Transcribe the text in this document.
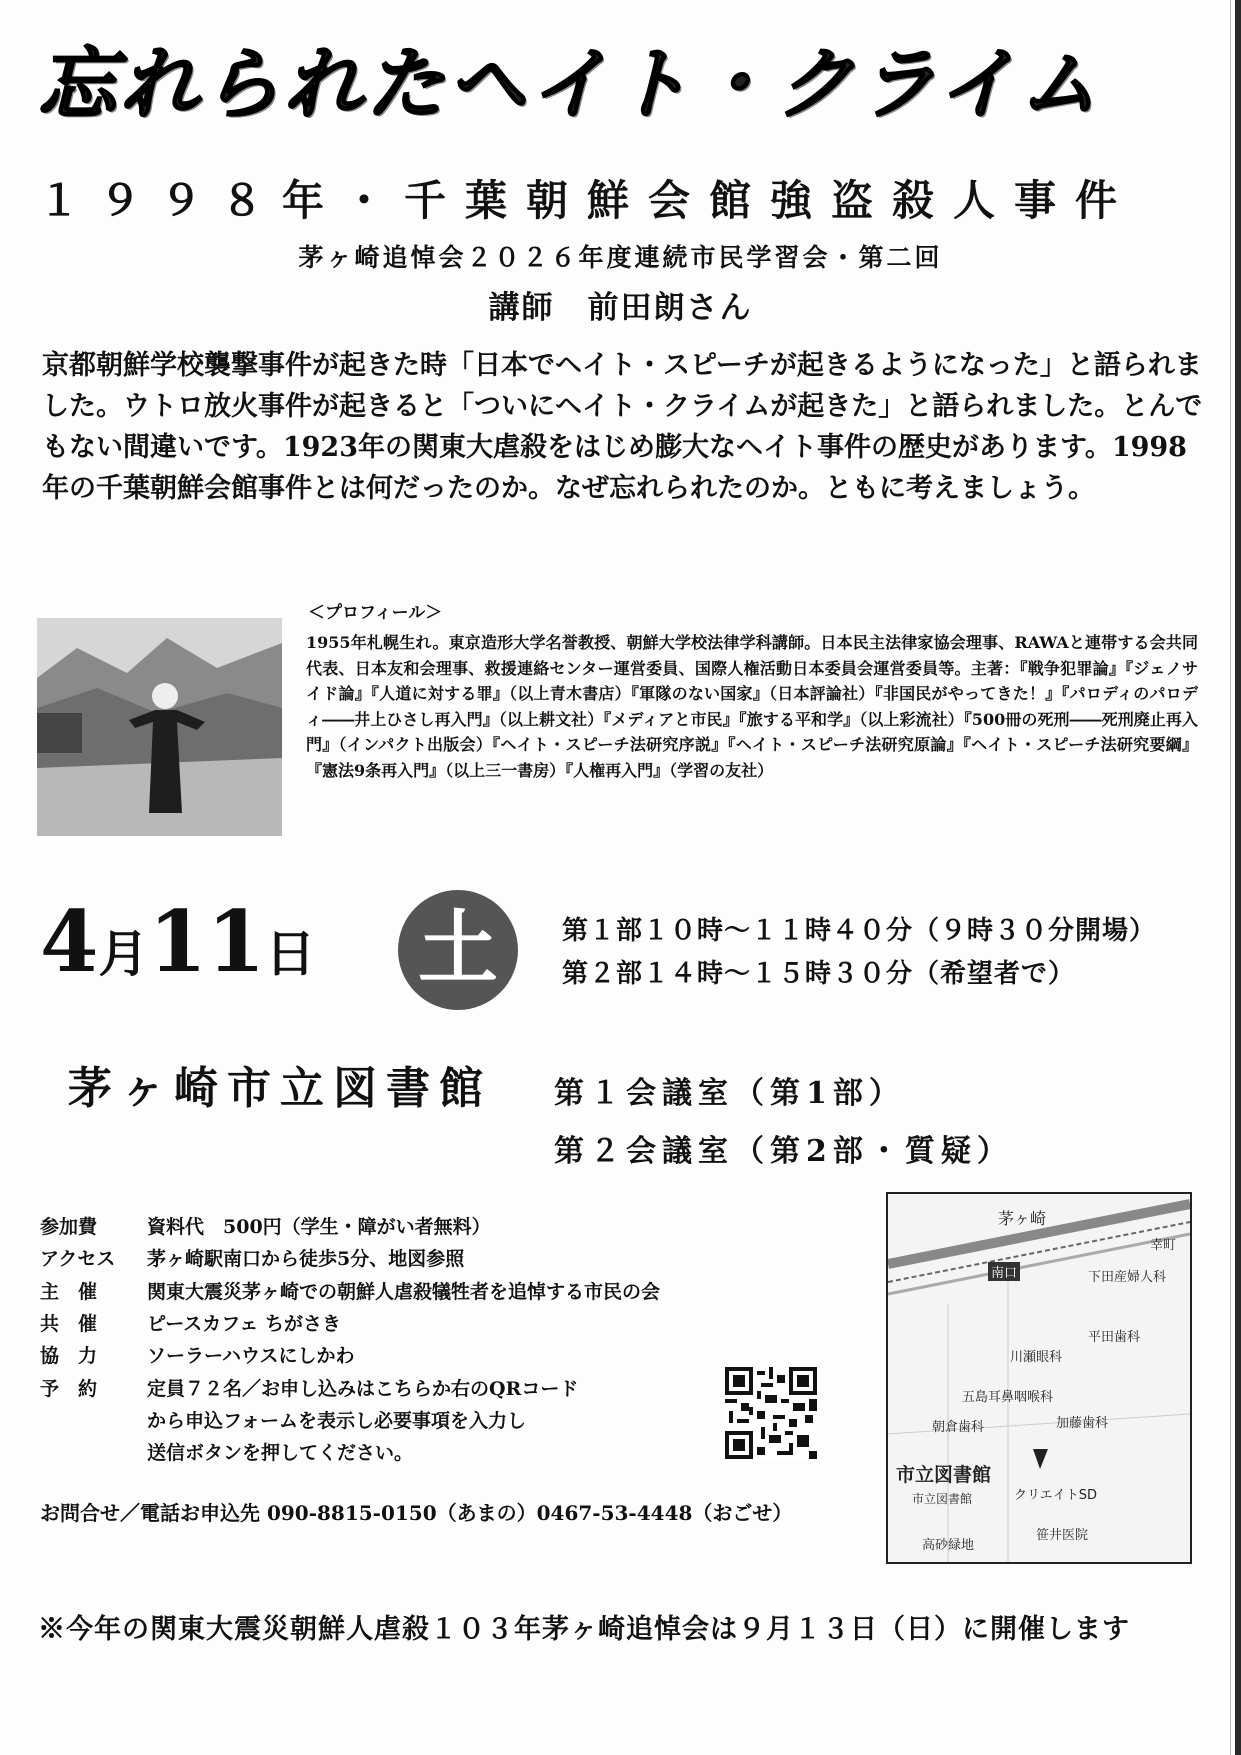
忘れられたヘイト・クライム
１９９８年・千葉朝鮮会館強盗殺人事件
茅ヶ崎追悼会２０２６年度連続市民学習会・第二回
講師　前田朗さん
京都朝鮮学校襲撃事件が起きた時「日本でヘイト・スピーチが起きるようになった」と語られました。ウトロ放火事件が起きると「ついにヘイト・クライムが起きた」と語られました。とんでもない間違いです。1923年の関東大虐殺をはじめ膨大なヘイト事件の歴史があります。1998年の千葉朝鮮会館事件とは何だったのか。なぜ忘れられたのか。ともに考えましょう。
＜プロフィール＞
1955年札幌生れ。東京造形大学名誉教授、朝鮮大学校法律学科講師。日本民主法律家協会理事、RAWAと連帯する会共同代表、日本友和会理事、救援連絡センター運営委員、国際人権活動日本委員会運営委員等。主著：『戦争犯罪論』『ジェノサイド論』『人道に対する罪』（以上青木書店）『軍隊のない国家』（日本評論社）『非国民がやってきた！』『パロディのパロディ――井上ひさし再入門』（以上耕文社）『メディアと市民』『旅する平和学』（以上彩流社）『500冊の死刑――死刑廃止再入門』（インパクト出版会）『ヘイト・スピーチ法研究序説』『ヘイト・スピーチ法研究原論』『ヘイト・スピーチ法研究要綱』『憲法9条再入門』（以上三一書房）『人権再入門』（学習の友社）
4月11日 土	第１部１０時～１１時４０分（９時３０分開場）
第２部１４時～１５時３０分（希望者で）
茅ヶ崎市立図書館 第１会議室（第1部）
第２会議室（第2部・質疑）
参加費	資料代　500円（学生・障がい者無料）
アクセス 茅ヶ崎駅南口から徒歩5分、地図参照
主　催	関東大震災茅ヶ崎での朝鮮人虐殺犠牲者を追悼する市民の会
共　催	ピースカフェ ちがさき
協　力	ソーラーハウスにしかわ
予　約	定員７２名／お申し込みはこちらか右のQRコード
から申込フォームを表示し必要事項を入力し
送信ボタンを押してください。
お問合せ／電話お申込先 090-8815-0150（あまの）0467-53-4448（おごせ）
茅ヶ崎
幸町
南口	下田産婦人科
平田歯科
川瀬眼科
五島耳鼻咽喉科
朝倉歯科	加藤歯科
市立図書館
市立図書館	クリエイトSD
高砂緑地
笹井医院
※今年の関東大震災朝鮮人虐殺１０３年茅ヶ崎追悼会は９月１３日（日）に開催します
